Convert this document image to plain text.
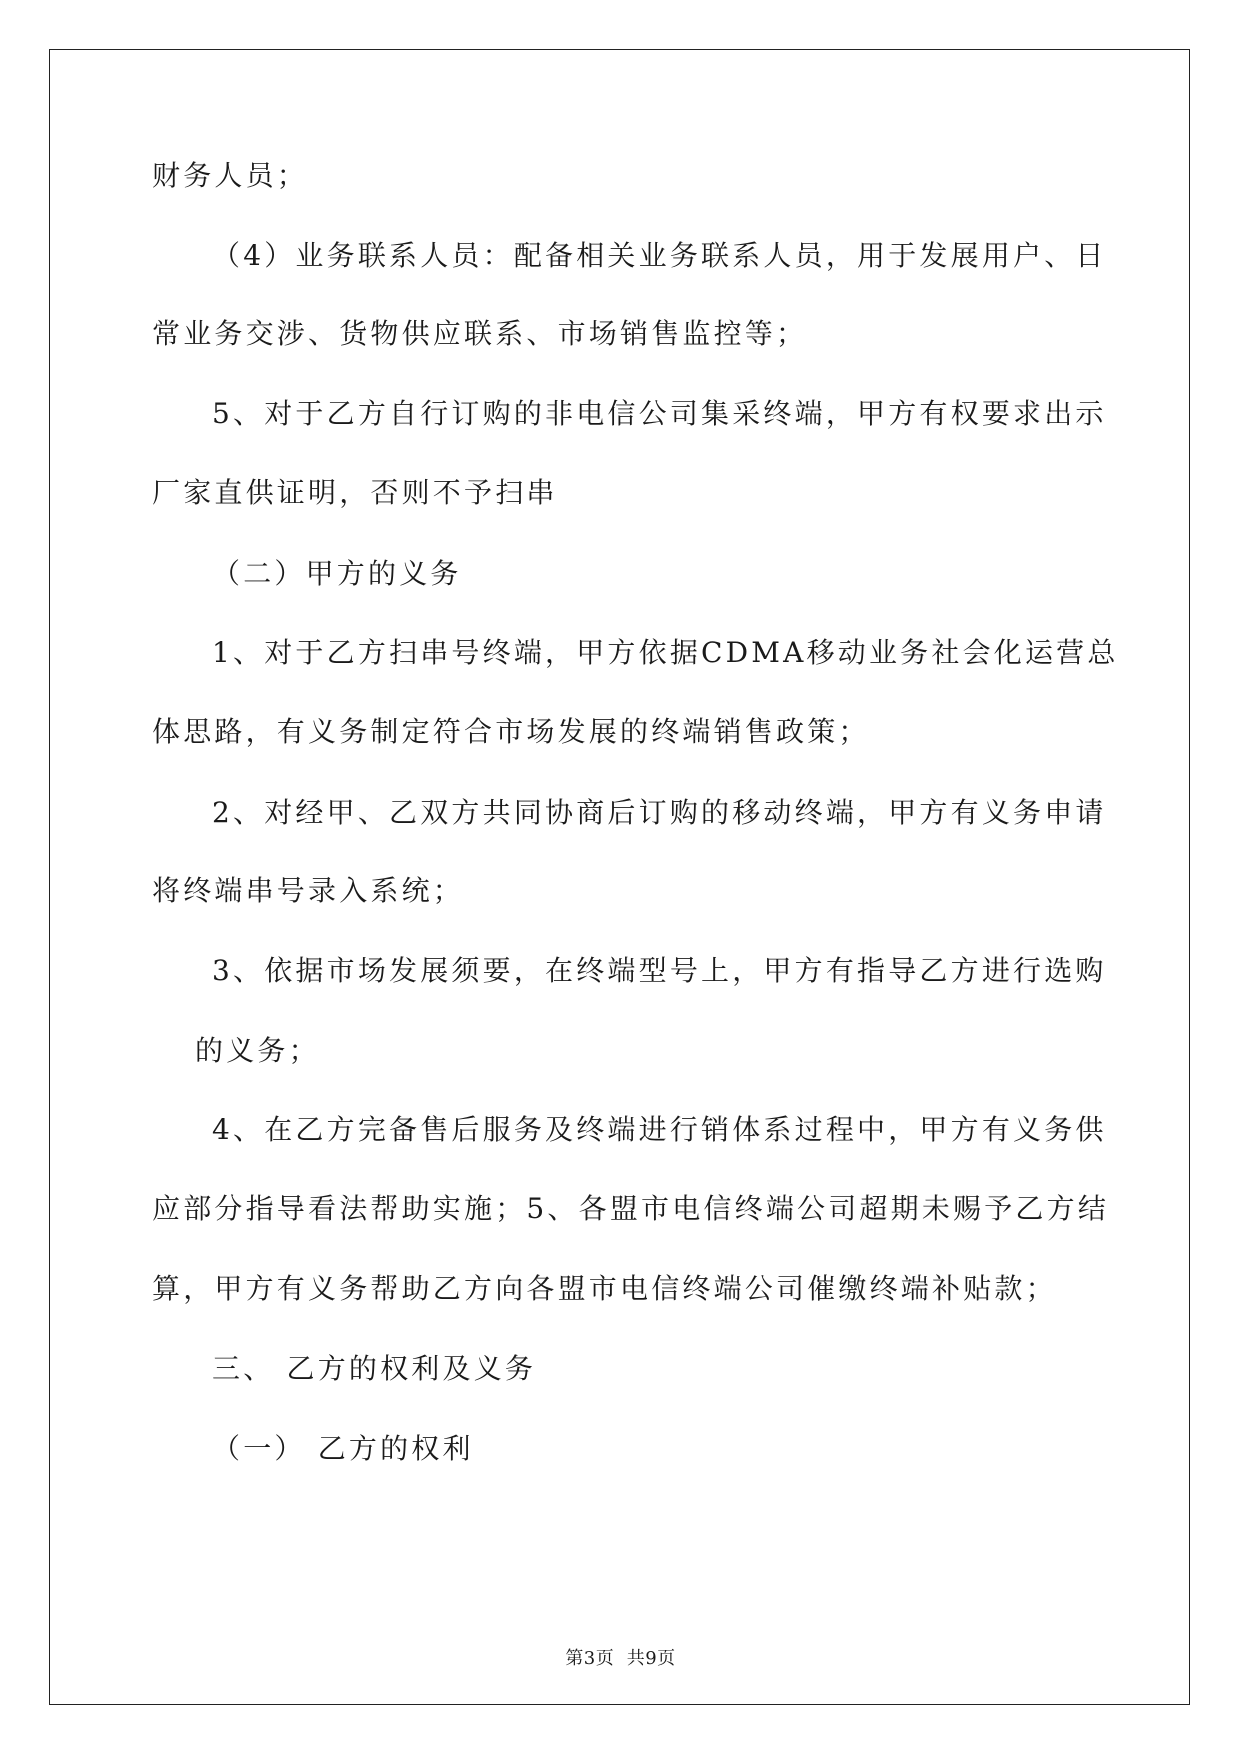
财务人员；
（4）业务联系人员：配备相关业务联系人员，用于发展用户、日
常业务交涉、货物供应联系、市场销售监控等；
5、对于乙方自行订购的非电信公司集采终端，甲方有权要求出示
厂家直供证明，否则不予扫串
（二）甲方的义务
1、对于乙方扫串号终端，甲方依据CDMA移动业务社会化运营总
体思路，有义务制定符合市场发展的终端销售政策；
2、对经甲、乙双方共同协商后订购的移动终端，甲方有义务申请
将终端串号录入系统；
3、依据市场发展须要，在终端型号上，甲方有指导乙方进行选购
的义务；
4、在乙方完备售后服务及终端进行销体系过程中，甲方有义务供
应部分指导看法帮助实施；5、各盟市电信终端公司超期未赐予乙方结
算，甲方有义务帮助乙方向各盟市电信终端公司催缴终端补贴款；
三、 乙方的权利及义务
（一） 乙方的权利
第3页  共9页
